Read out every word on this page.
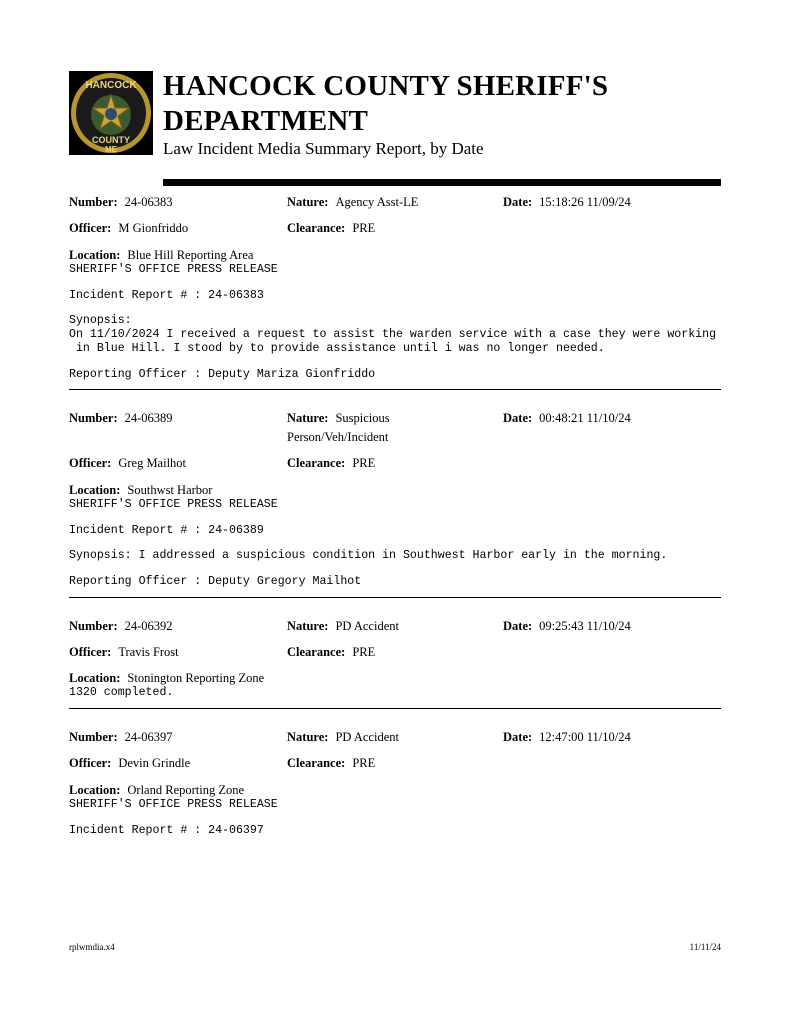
HANCOCK
COUNTY
ME
HANCOCK COUNTY SHERIFF'S
DEPARTMENT
Law Incident Media Summary Report, by Date
Number: 24-06383	Nature: Agency Asst-LE	Date: 15:18:26 11/09/24
Officer: M Gionfriddo	Clearance: PRE
Location: Blue Hill Reporting Area
SHERIFF'S OFFICE PRESS RELEASE
Incident Report # : 24-06383
Synopsis:
On 11/10/2024 I received a request to assist the warden service with a case they were working
in Blue Hill. I stood by to provide assistance until i was no longer needed.
Reporting Officer : Deputy Mariza Gionfriddo
Number: 24-06389	Nature: Suspicious
Person/Veh/Incident
Date: 00:48:21 11/10/24
Officer: Greg Mailhot	Clearance: PRE
Location: Southwst Harbor
SHERIFF'S OFFICE PRESS RELEASE
Incident Report # : 24-06389
Synopsis: I addressed a suspicious condition in Southwest Harbor early in the morning.
Reporting Officer : Deputy Gregory Mailhot
Number: 24-06392	Nature: PD Accident	Date: 09:25:43 11/10/24
Officer: Travis Frost	Clearance: PRE
Location: Stonington Reporting Zone
1320 completed.
Number: 24-06397	Nature: PD Accident	Date: 12:47:00 11/10/24
Officer: Devin Grindle	Clearance: PRE
Location: Orland Reporting Zone
SHERIFF'S OFFICE PRESS RELEASE
Incident Report # : 24-06397
rplwmdia.x4	11/11/24
